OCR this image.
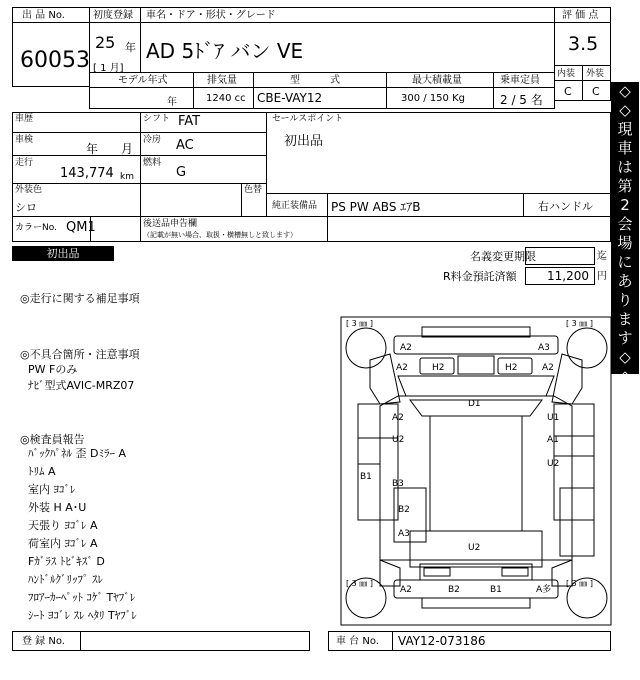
出 品 No.
60053
初度登録
25 年
[ 1 月]
車名・ドア・形状・グレード
AD 5ﾄﾞｱ バン VE
評 価 点
3.5
内装 外装
C C
モデル年式	排気量	型　　　式	最大積載量	乗車定員
年	1240 cc CBE-VAY12	300 / 150 Kg	2 / 5 名
車歴	シフト FAT
車検
年 月
冷房 AC
走行
143,774 km
燃料
G
セールスポイント
初出品
外装色
シロ
色替
純正装備品 PS PW ABS ｴｱB	右ハンドル
カラーNo. QM1	後送品申告欄
（記載が無い場合、取扱・横槽無しと致します）
初出品
◇
◇
現
車
は
第
2
会
場
に
あ
り
ま
す
◇
◇
名義変更期限	迄
R料金預託済額	11,200 円
◎走行に関する補足事項
◎不具合箇所・注意事項
PW Fのみ
ﾅﾋﾞ型式AVIC-MRZ07
◎検査員報告
ﾊﾞｯｸﾊﾟﾈﾙ 歪 Dﾐﾗｰ A
ﾄﾘﾑ A
室内 ﾖｺﾞﾚ
外装 H A･U
天張り ﾖｺﾞﾚ A
荷室内 ﾖｺﾞﾚ A
Fｶﾞﾗｽ ﾄﾋﾞｷｽﾞ D
ﾊﾝﾄﾞﾙｸﾞﾘｯﾌﾟ ｽﾚ
ﾌﾛｱｰｶｰﾍﾟｯﾄ ｺｹﾞ Tﾔﾌﾞﾚ
ｼｰﾄ ﾖｺﾞﾚ ｽﾚ ﾍﾀﾘ Tﾔﾌﾞﾚ
[ 3 ㎜ ]	[ 3 ㎜ ]
[ 3 ㎜ ]	[ 3 ㎜ ]
A2	A3
H2	H2
A2	A2
D1
A2
U2
U1
A1
U2
B1
B3
B2
A3
U2
A2	B2	B1	A多
登 録 No.	車 台 No. VAY12-073186
